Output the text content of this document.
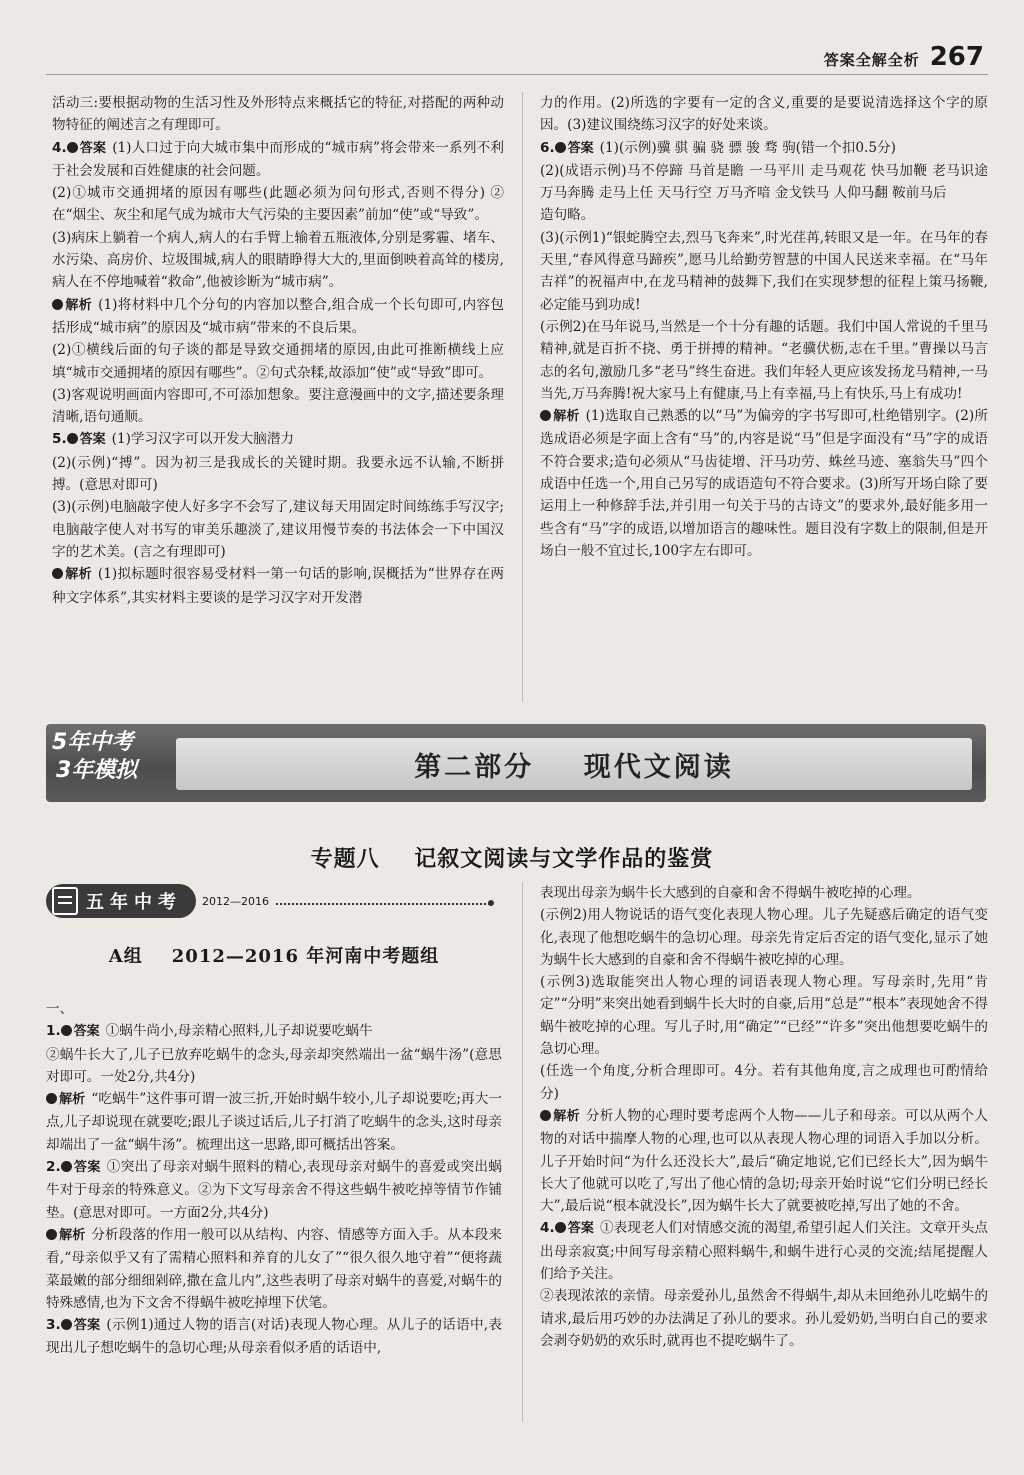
答案全解全析 267

活动三:要根据动物的生活习性及外形特点来概括它的特征,对搭配的两种动物特征的阐述言之有理即可。

4. 答案 (1)人口过于向大城市集中而形成的“城市病”将会带来一系列不利于社会发展和百姓健康的社会问题。

(2)①城市交通拥堵的原因有哪些(此题必须为问句形式,否则不得分) ②在“烟尘、灰尘和尾气成为城市大气污染的主要因素”前加“使”或“导致”。

(3)病床上躺着一个病人,病人的右手臂上输着五瓶液体,分别是雾霾、堵车、水污染、高房价、垃圾围城,病人的眼睛睁得大大的,里面倒映着高耸的楼房,病人在不停地喊着“救命”,他被诊断为“城市病”。

解析 (1)将材料中几个分句的内容加以整合,组合成一个长句即可,内容包括形成“城市病”的原因及“城市病”带来的不良后果。

(2)①横线后面的句子谈的都是导致交通拥堵的原因,由此可推断横线上应填“城市交通拥堵的原因有哪些”。②句式杂糅,故添加“使”或“导致”即可。

(3)客观说明画面内容即可,不可添加想象。要注意漫画中的文字,描述要条理清晰,语句通顺。

5. 答案 (1)学习汉字可以开发大脑潜力

(2)(示例)“搏”。因为初三是我成长的关键时期。我要永远不认输,不断拼搏。(意思对即可)

(3)(示例)电脑敲字使人好多字不会写了,建议每天用固定时间练练手写汉字;电脑敲字使人对书写的审美乐趣淡了,建议用慢节奏的书法体会一下中国汉字的艺术美。(言之有理即可)

解析 (1)拟标题时很容易受材料一第一句话的影响,误概括为“世界存在两种文字体系”,其实材料主要谈的是学习汉字对开发潜

力的作用。(2)所选的字要有一定的含义,重要的是要说清选择这个字的原因。(3)建议围绕练习汉字的好处来谈。

6. 答案 (1)(示例)骥 骐 骗 骁 骠 骏 骛 驹(错一个扣0.5分)

(2)(成语示例)马不停蹄 马首是瞻 一马平川 走马观花 快马加鞭 老马识途 万马奔腾 走马上任 天马行空 万马齐喑 金戈铁马 人仰马翻 鞍前马后

造句略。

(3)(示例1)“银蛇腾空去,烈马飞奔来”,时光荏苒,转眼又是一年。在马年的春天里,“春风得意马蹄疾”,愿马儿给勤劳智慧的中国人民送来幸福。在“马年吉祥”的祝福声中,在龙马精神的鼓舞下,我们在实现梦想的征程上策马扬鞭,必定能马到功成!

(示例2)在马年说马,当然是一个十分有趣的话题。我们中国人常说的千里马精神,就是百折不挠、勇于拼搏的精神。“老骥伏枥,志在千里。”曹操以马言志的名句,激励几多“老马”终生奋进。我们年轻人更应该发扬龙马精神,一马当先,万马奔腾!祝大家马上有健康,马上有幸福,马上有快乐,马上有成功!

解析 (1)选取自己熟悉的以“马”为偏旁的字书写即可,杜绝错别字。(2)所选成语必须是字面上含有“马”的,内容是说“马”但是字面没有“马”字的成语不符合要求;造句必须从“马齿徒增、汗马功劳、蛛丝马迹、塞翁失马”四个成语中任选一个,用自己另写的成语造句不符合要求。(3)所写开场白除了要运用上一种修辞手法,并引用一句关于马的古诗文”的要求外,最好能多用一些含有“马”字的成语,以增加语言的趣味性。题目没有字数上的限制,但是开场白一般不宜过长,100字左右即可。

5年中考
3年模拟	第二部分    现代文阅读
专题八    记叙文阅读与文学作品的鉴赏
五年中考 2012—2016
A组    2012—2016 年河南中考题组

一、

1. 答案 ①蜗牛尚小,母亲精心照料,儿子却说要吃蜗牛

②蜗牛长大了,儿子已放弃吃蜗牛的念头,母亲却突然端出一盆“蜗牛汤”(意思对即可。一处2分,共4分)

解析 “吃蜗牛”这件事可谓一波三折,开始时蜗牛较小,儿子却说要吃;再大一点,儿子却说现在就要吃;跟儿子谈过话后,儿子打消了吃蜗牛的念头,这时母亲却端出了一盆“蜗牛汤”。梳理出这一思路,即可概括出答案。

2. 答案 ①突出了母亲对蜗牛照料的精心,表现母亲对蜗牛的喜爱或突出蜗牛对于母亲的特殊意义。②为下文写母亲舍不得这些蜗牛被吃掉等情节作铺垫。(意思对即可。一方面2分,共4分)

解析 分析段落的作用一般可以从结构、内容、情感等方面入手。从本段来看,“母亲似乎又有了需精心照料和养育的儿女了”“很久很久地守着”“便将蔬菜最嫩的部分细细剁碎,撒在盒儿内”,这些表明了母亲对蜗牛的喜爱,对蜗牛的特殊感情,也为下文舍不得蜗牛被吃掉埋下伏笔。

3. 答案 (示例1)通过人物的语言(对话)表现人物心理。从儿子的话语中,表现出儿子想吃蜗牛的急切心理;从母亲看似矛盾的话语中,

表现出母亲为蜗牛长大感到的自豪和舍不得蜗牛被吃掉的心理。

(示例2)用人物说话的语气变化表现人物心理。儿子先疑惑后确定的语气变化,表现了他想吃蜗牛的急切心理。母亲先肯定后否定的语气变化,显示了她为蜗牛长大感到的自豪和舍不得蜗牛被吃掉的心理。

(示例3)选取能突出人物心理的词语表现人物心理。写母亲时,先用“肯定”“分明”来突出她看到蜗牛长大时的自豪,后用“总是”“根本”表现她舍不得蜗牛被吃掉的心理。写儿子时,用“确定”“已经”“许多”突出他想要吃蜗牛的急切心理。

(任选一个角度,分析合理即可。4分。若有其他角度,言之成理也可酌情给分)

解析 分析人物的心理时要考虑两个人物——儿子和母亲。可以从两个人物的对话中揣摩人物的心理,也可以从表现人物心理的词语入手加以分析。儿子开始时问“为什么还没长大”,最后“确定地说,它们已经长大”,因为蜗牛长大了他就可以吃了,写出了他心情的急切;母亲开始时说“它们分明已经长大”,最后说“根本就没长”,因为蜗牛长大了就要被吃掉,写出了她的不舍。

4. 答案 ①表现老人们对情感交流的渴望,希望引起人们关注。文章开头点出母亲寂寞;中间写母亲精心照料蜗牛,和蜗牛进行心灵的交流;结尾提醒人们给予关注。

②表现浓浓的亲情。母亲爱孙儿,虽然舍不得蜗牛,却从未回绝孙儿吃蜗牛的请求,最后用巧妙的办法满足了孙儿的要求。孙儿爱奶奶,当明白自己的要求会剥夺奶奶的欢乐时,就再也不提吃蜗牛了。
